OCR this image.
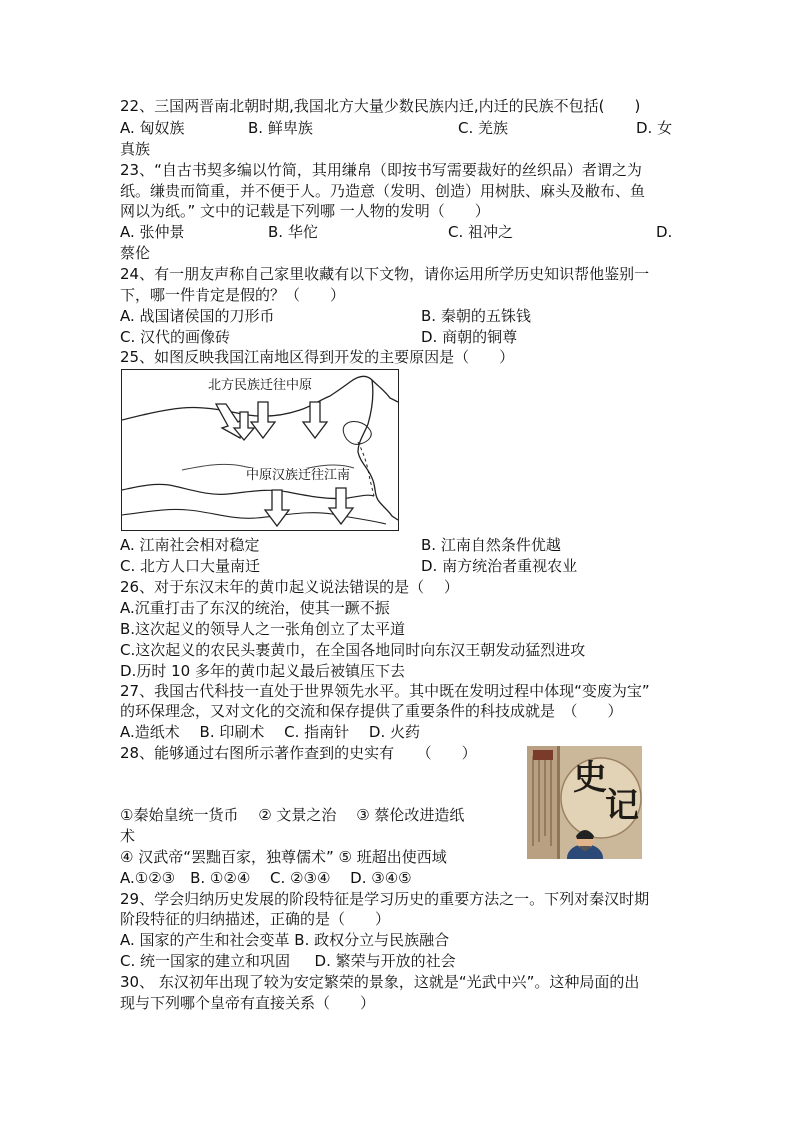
22、三国两晋南北朝时期,我国北方大量少数民族内迁,内迁的民族不包括(　　)
A. 匈奴族	B. 鲜卑族	C. 羌族	D. 女
真族
23、“自古书契多编以竹简，其用缣帛（即按书写需要裁好的丝织品）者谓之为
纸。缣贵而简重，并不便于人。乃造意（发明、创造）用树肤、麻头及敝布、鱼
网以为纸。” 文中的记载是下列哪 一人物的发明（　　）
A. 张仲景	B. 华佗	C. 祖冲之	D.
蔡伦
24、有一朋友声称自己家里收藏有以下文物，请你运用所学历史知识帮他鉴别一
下，哪一件肯定是假的？（　　）
A. 战国诸侯国的刀形币	B. 秦朝的五铢钱
C. 汉代的画像砖	D. 商朝的铜尊
25、如图反映我国江南地区得到开发的主要原因是（　　）
北方民族迁往中原
中原汉族迁往江南
A. 江南社会相对稳定	B. 江南自然条件优越
C. 北方人口大量南迁	D. 南方统治者重视农业
26、对于东汉末年的黄巾起义说法错误的是（　 ）
A.沉重打击了东汉的统治，使其一蹶不振
B.这次起义的领导人之一张角创立了太平道
C.这次起义的农民头裹黄巾，在全国各地同时向东汉王朝发动猛烈进攻
D.历时 10 多年的黄巾起义最后被镇压下去
27、我国古代科技一直处于世界领先水平。其中既在发明过程中体现“变废为宝”
的环保理念，又对文化的交流和保存提供了重要条件的科技成就是　（　　）
A.造纸术　 B. 印刷术　 C. 指南针　 D. 火药
28、能够通过右图所示著作查到的史实有　　（　　）
史
记
①秦始皇统一货币　 ② 文景之治　 ③ 蔡伦改进造纸
术
④ 汉武帝“罢黜百家，独尊儒术” ⑤ 班超出使西域
A.①②③　B. ①②④　 C. ②③④　 D. ③④⑤
29、学会归纳历史发展的阶段特征是学习历史的重要方法之一。下列对秦汉时期
阶段特征的归纳描述，正确的是（　　）
A. 国家的产生和社会变革 B. 政权分立与民族融合
C. 统一国家的建立和巩固 　 D. 繁荣与开放的社会
30、 东汉初年出现了较为安定繁荣的景象，这就是“光武中兴”。这种局面的出
现与下列哪个皇帝有直接关系（　　）
